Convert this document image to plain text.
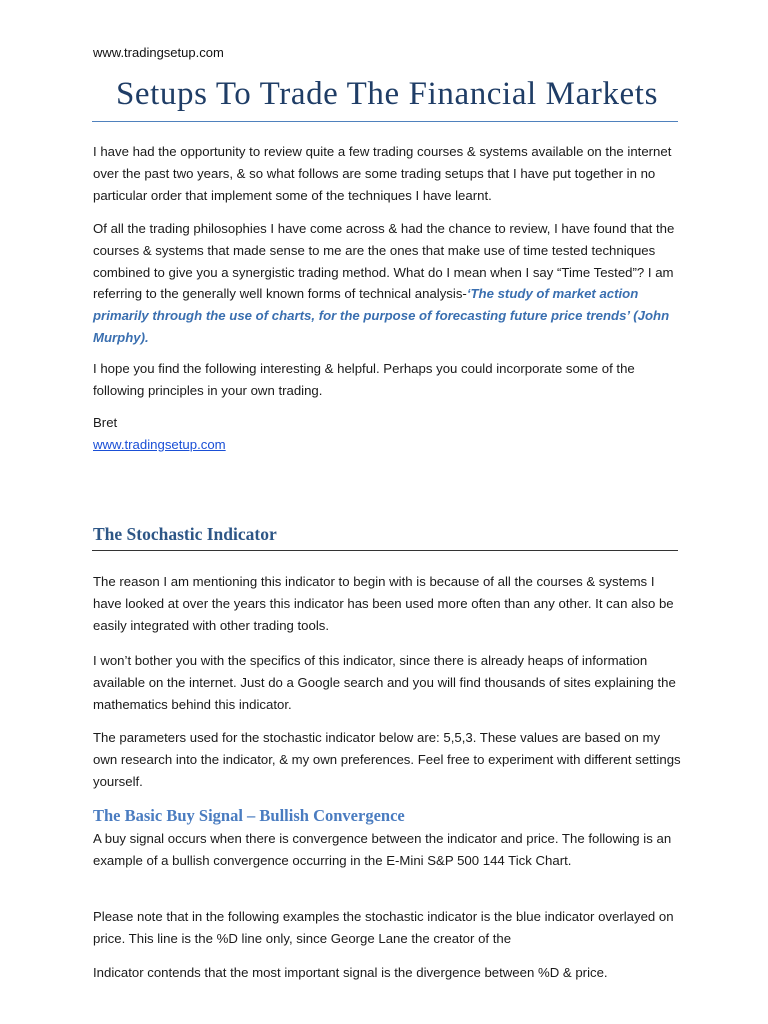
www.tradingsetup.com
Setups To Trade The Financial Markets

I have had the opportunity to review quite a few trading courses & systems available on the internet over the past two years, & so what follows are some trading setups that I have put together in no particular order that implement some of the techniques I have learnt.

Of all the trading philosophies I have come across & had the chance to review, I have found that the courses & systems that made sense to me are the ones that make use of time tested techniques combined to give you a synergistic trading method. What do I mean when I say “Time Tested”? I am referring to the generally well known forms of technical analysis-‘The study of market action primarily through the use of charts, for the purpose of forecasting future price trends’ (John Murphy).

I hope you find the following interesting & helpful. Perhaps you could incorporate some of the following principles in your own trading.

Bret
www.tradingsetup.com
The Stochastic Indicator

The reason I am mentioning this indicator to begin with is because of all the courses & systems I have looked at over the years this indicator has been used more often than any other. It can also be easily integrated with other trading tools.

I won’t bother you with the specifics of this indicator, since there is already heaps of information available on the internet. Just do a Google search and you will find thousands of sites explaining the mathematics behind this indicator.

The parameters used for the stochastic indicator below are: 5,5,3. These values are based on my own research into the indicator, & my own preferences. Feel free to experiment with different settings yourself.

The Basic Buy Signal – Bullish Convergence

A buy signal occurs when there is convergence between the indicator and price. The following is an example of a bullish convergence occurring in the E-Mini S&P 500 144 Tick Chart.

Please note that in the following examples the stochastic indicator is the blue indicator overlayed on price. This line is the %D line only, since George Lane the creator of the

Indicator contends that the most important signal is the divergence between %D & price.
